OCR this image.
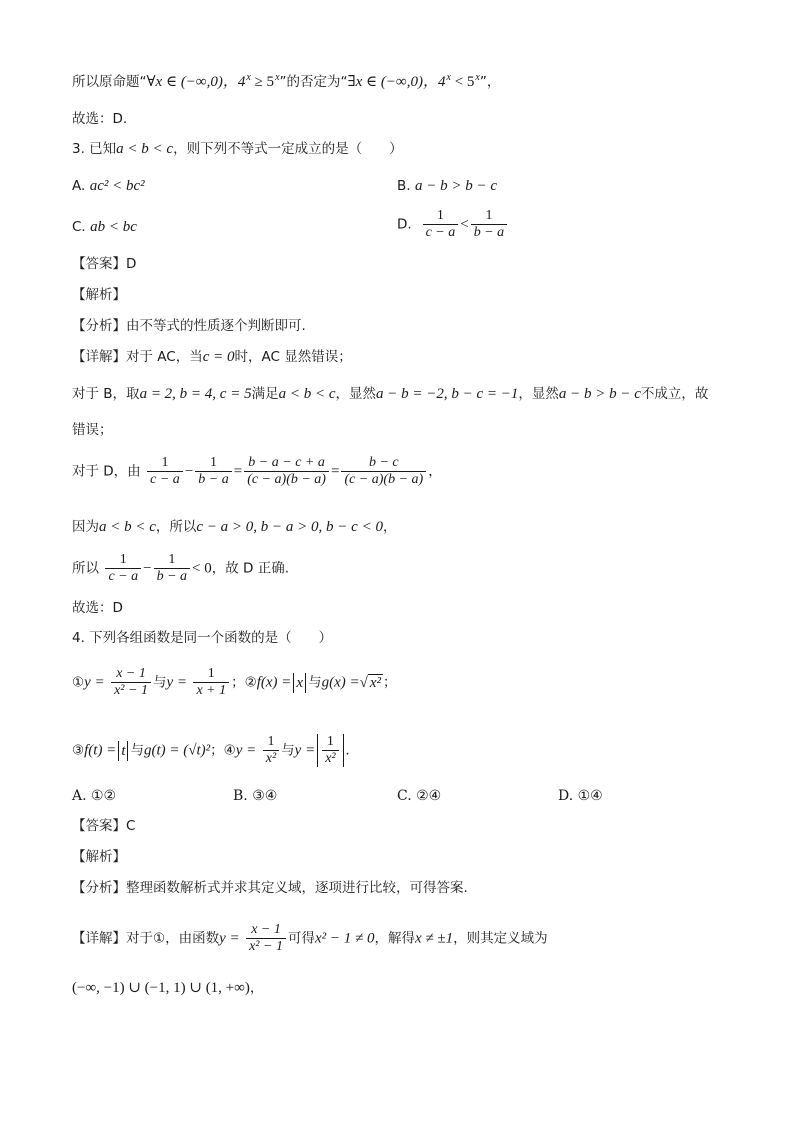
所以原命题“∀x ∈ (−∞,0)，$4^x \ge 5^x$”的否定为“∃x ∈ (−∞,0)，$4^x < 5^x$”，
故选：D.
3. 已知a < b < c，则下列不等式一定成立的是（　　）
A. ac² < bc²	B. a − b > b − c
C. ab < bc	D. $\frac{1}{c - a} < \frac{1}{b - a}$
【答案】D
【解析】
【分析】由不等式的性质逐个判断即可.
【详解】对于 AC，当c = 0时，AC 显然错误；
对于 B，取a = 2, b = 4, c = 5满足a < b < c，显然a − b = −2, b − c = −1，显然a − b > b − c不成立，故
错误；
对于 D，由 $\frac{1}{c - a} - \frac{1}{b - a} = \frac{b - a - c + a}{(c - a)(b - a)} = \frac{b - c}{(c - a)(b - a)}$ ，
因为a < b < c，所以c − a > 0, b − a > 0, b − c < 0，
所以 $\frac{1}{c - a} - \frac{1}{b - a} < 0$，故 D 正确.
故选：D
4. 下列各组函数是同一个函数的是（　　）
①y = $\frac{x - 1}{\text{x² − 1}}$ 与$y = \frac{1}{x + 1}$ ；②f(x) = x 与g(x) =√ x² ；
③f(t) = t 与g(t) = (√t)²；④y = $\frac{1}{\text{x²}}$ 与$y = \frac{1}{\text{x²}}$ .
A. ①②	B. ③④	C. ②④	D. ①④
【答案】C
【解析】
【分析】整理函数解析式并求其定义域，逐项进行比较，可得答案.
【详解】对于①，由函数$y = \frac{x - 1}{\text{x² − 1}}$ 可得x² − 1 ≠ 0，解得x ≠ ±1，则其定义域为
(−∞, −1) ∪ (−1, 1) ∪ (1, +∞)，
